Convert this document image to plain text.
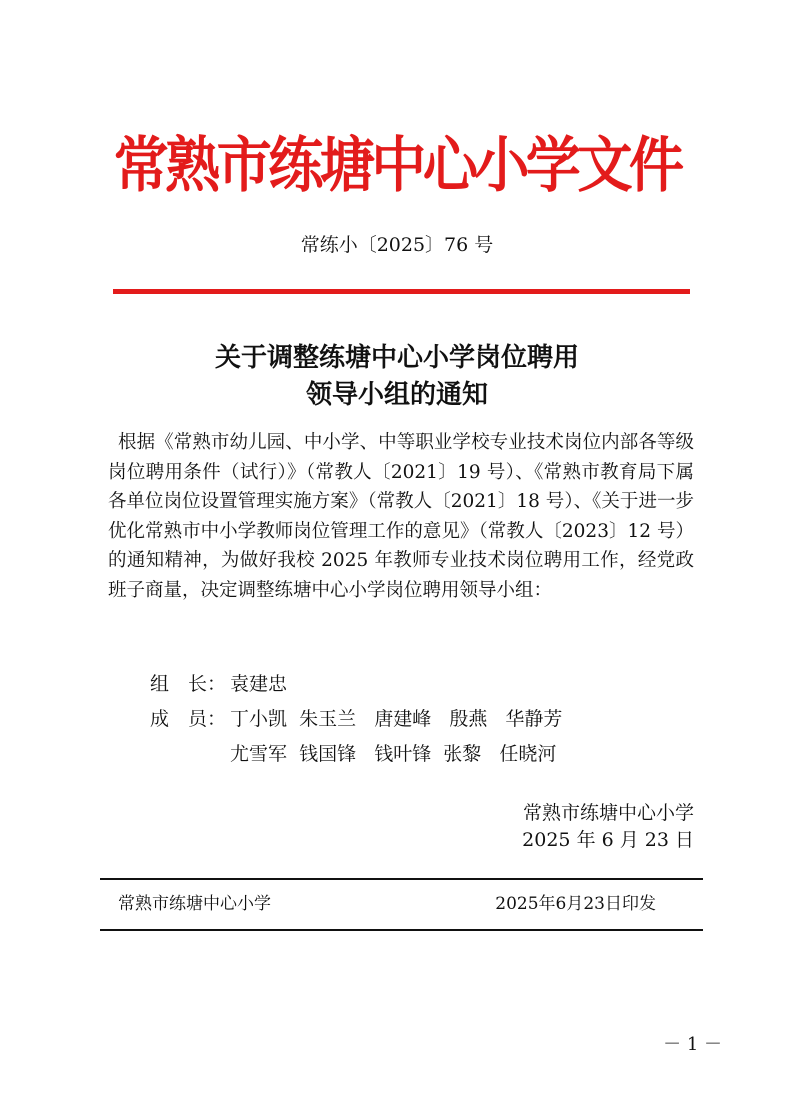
常熟市练塘中心小学文件
常练小〔2025〕76 号
关于调整练塘中心小学岗位聘用
领导小组的通知
根据《常熟市幼儿园、中小学、中等职业学校专业技术岗位内部各等级岗位聘用条件（试行）》（常教人〔2021〕19 号）、《常熟市教育局下属各单位岗位设置管理实施方案》（常教人〔2021〕18 号）、《关于进一步优化常熟市中小学教师岗位管理工作的意见》（常教人〔2023〕12 号）的通知精神，为做好我校 2025 年教师专业技术岗位聘用工作，经党政班子商量，决定调整练塘中心小学岗位聘用领导小组：
组　长： 袁建忠
成　员： 丁小凯  朱玉兰   唐建峰   殷燕   华静芳
尤雪军  钱国锋   钱叶锋  张黎   任晓河
常熟市练塘中心小学
2025 年 6 月 23 日
常熟市练塘中心小学	2025年6月23日印发
－ 1 －
